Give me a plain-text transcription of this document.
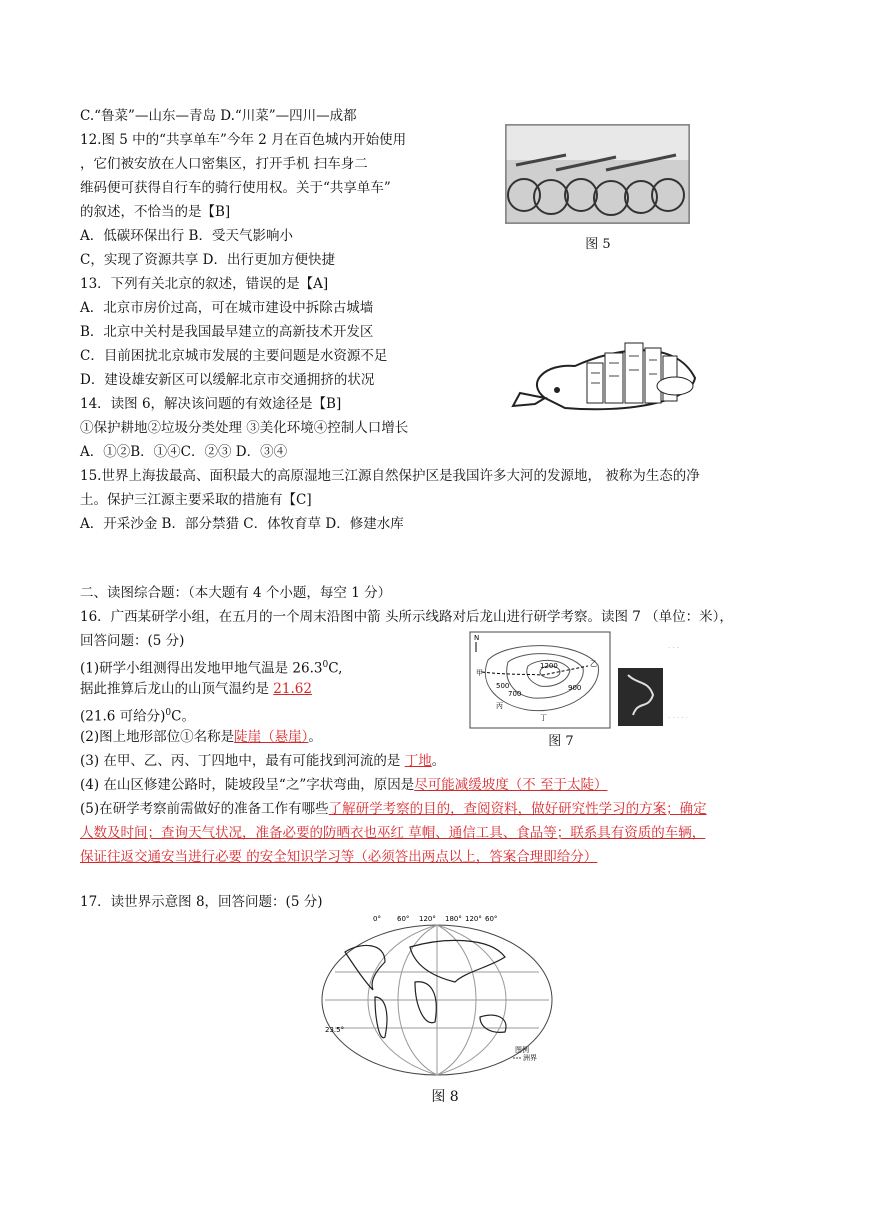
C.“鲁菜”—山东—青岛 D.“川菜”—四川—成都
12.图 5 中的“共享单车”今年 2 月在百色城内开始使用
，它们被安放在人口密集区，打开手机 扫车身二
维码便可获得自行车的骑行使用权。关于“共享单车”
的叙述，不恰当的是【B]
A．低碳环保出行 B．受天气影响小
C，实现了资源共享 D．出行更加方便快捷
图 5
13．下列有关北京的叙述，错误的是【A]
A．北京市房价过高，可在城市建设中拆除古城墙
B．北京中关村是我国最早建立的高新技术开发区
C．目前困扰北京城市发展的主要问题是水资源不足
D．建设雄安新区可以缓解北京市交通拥挤的状况
14．读图 6，解决该问题的有效途径是【B]
①保护耕地②垃圾分类处理 ③美化环境④控制人口增长
A．①②B．①④C．②③ D．③④
15.世界上海拔最高、面积最大的高原湿地三江源自然保护区是我国许多大河的发源地， 被称为生态的净
土。保护三江源主要采取的措施有【C]
A．开采沙金 B．部分禁猎 C．体牧育草 D．修建水库
二、读图综合题：（本大题有 4 个小题，每空 1 分）
16．广西某研学小组，在五月的一个周末沿图中箭 头所示线路对后龙山进行研学考察。读图 7 （单位：米），
回答问题：(5 分)
(1)研学小组测得出发地甲地气温是 26.3$^0$C,
据此推算后龙山的山顶气温约是 21.62
(21.6 可给分)$^0$C。
(2)图上地形部位①名称是陡崖（悬崖）。
(3) 在甲、乙、丙、丁四地中，最有可能找到河流的是 丁地。
(4) 在山区修建公路时，陡坡段呈“之”字状弯曲，原因是尽可能减缓坡度（不 至于太陡）
(5)在研学考察前需做好的准备工作有哪些了解研学考察的目的，查阅资料，做好研究性学习的方案；确定
人数及时间；查询天气状况，准备必要的防晒衣也巫红 草帽、通信工具、食品等；联系具有资质的车辆，
保证往返交通安当进行必要 的安全知识学习等（必须答出两点以上，答案合理即给分）
N
1200
甲
乙
丙
丁
500
700
900
· · ·
· · · · ·
图 7
17．读世界示意图 8，回答问题：(5 分)
0° 60° 120° 180° 120° 60°
23.5°
图例
洲界
图 8
